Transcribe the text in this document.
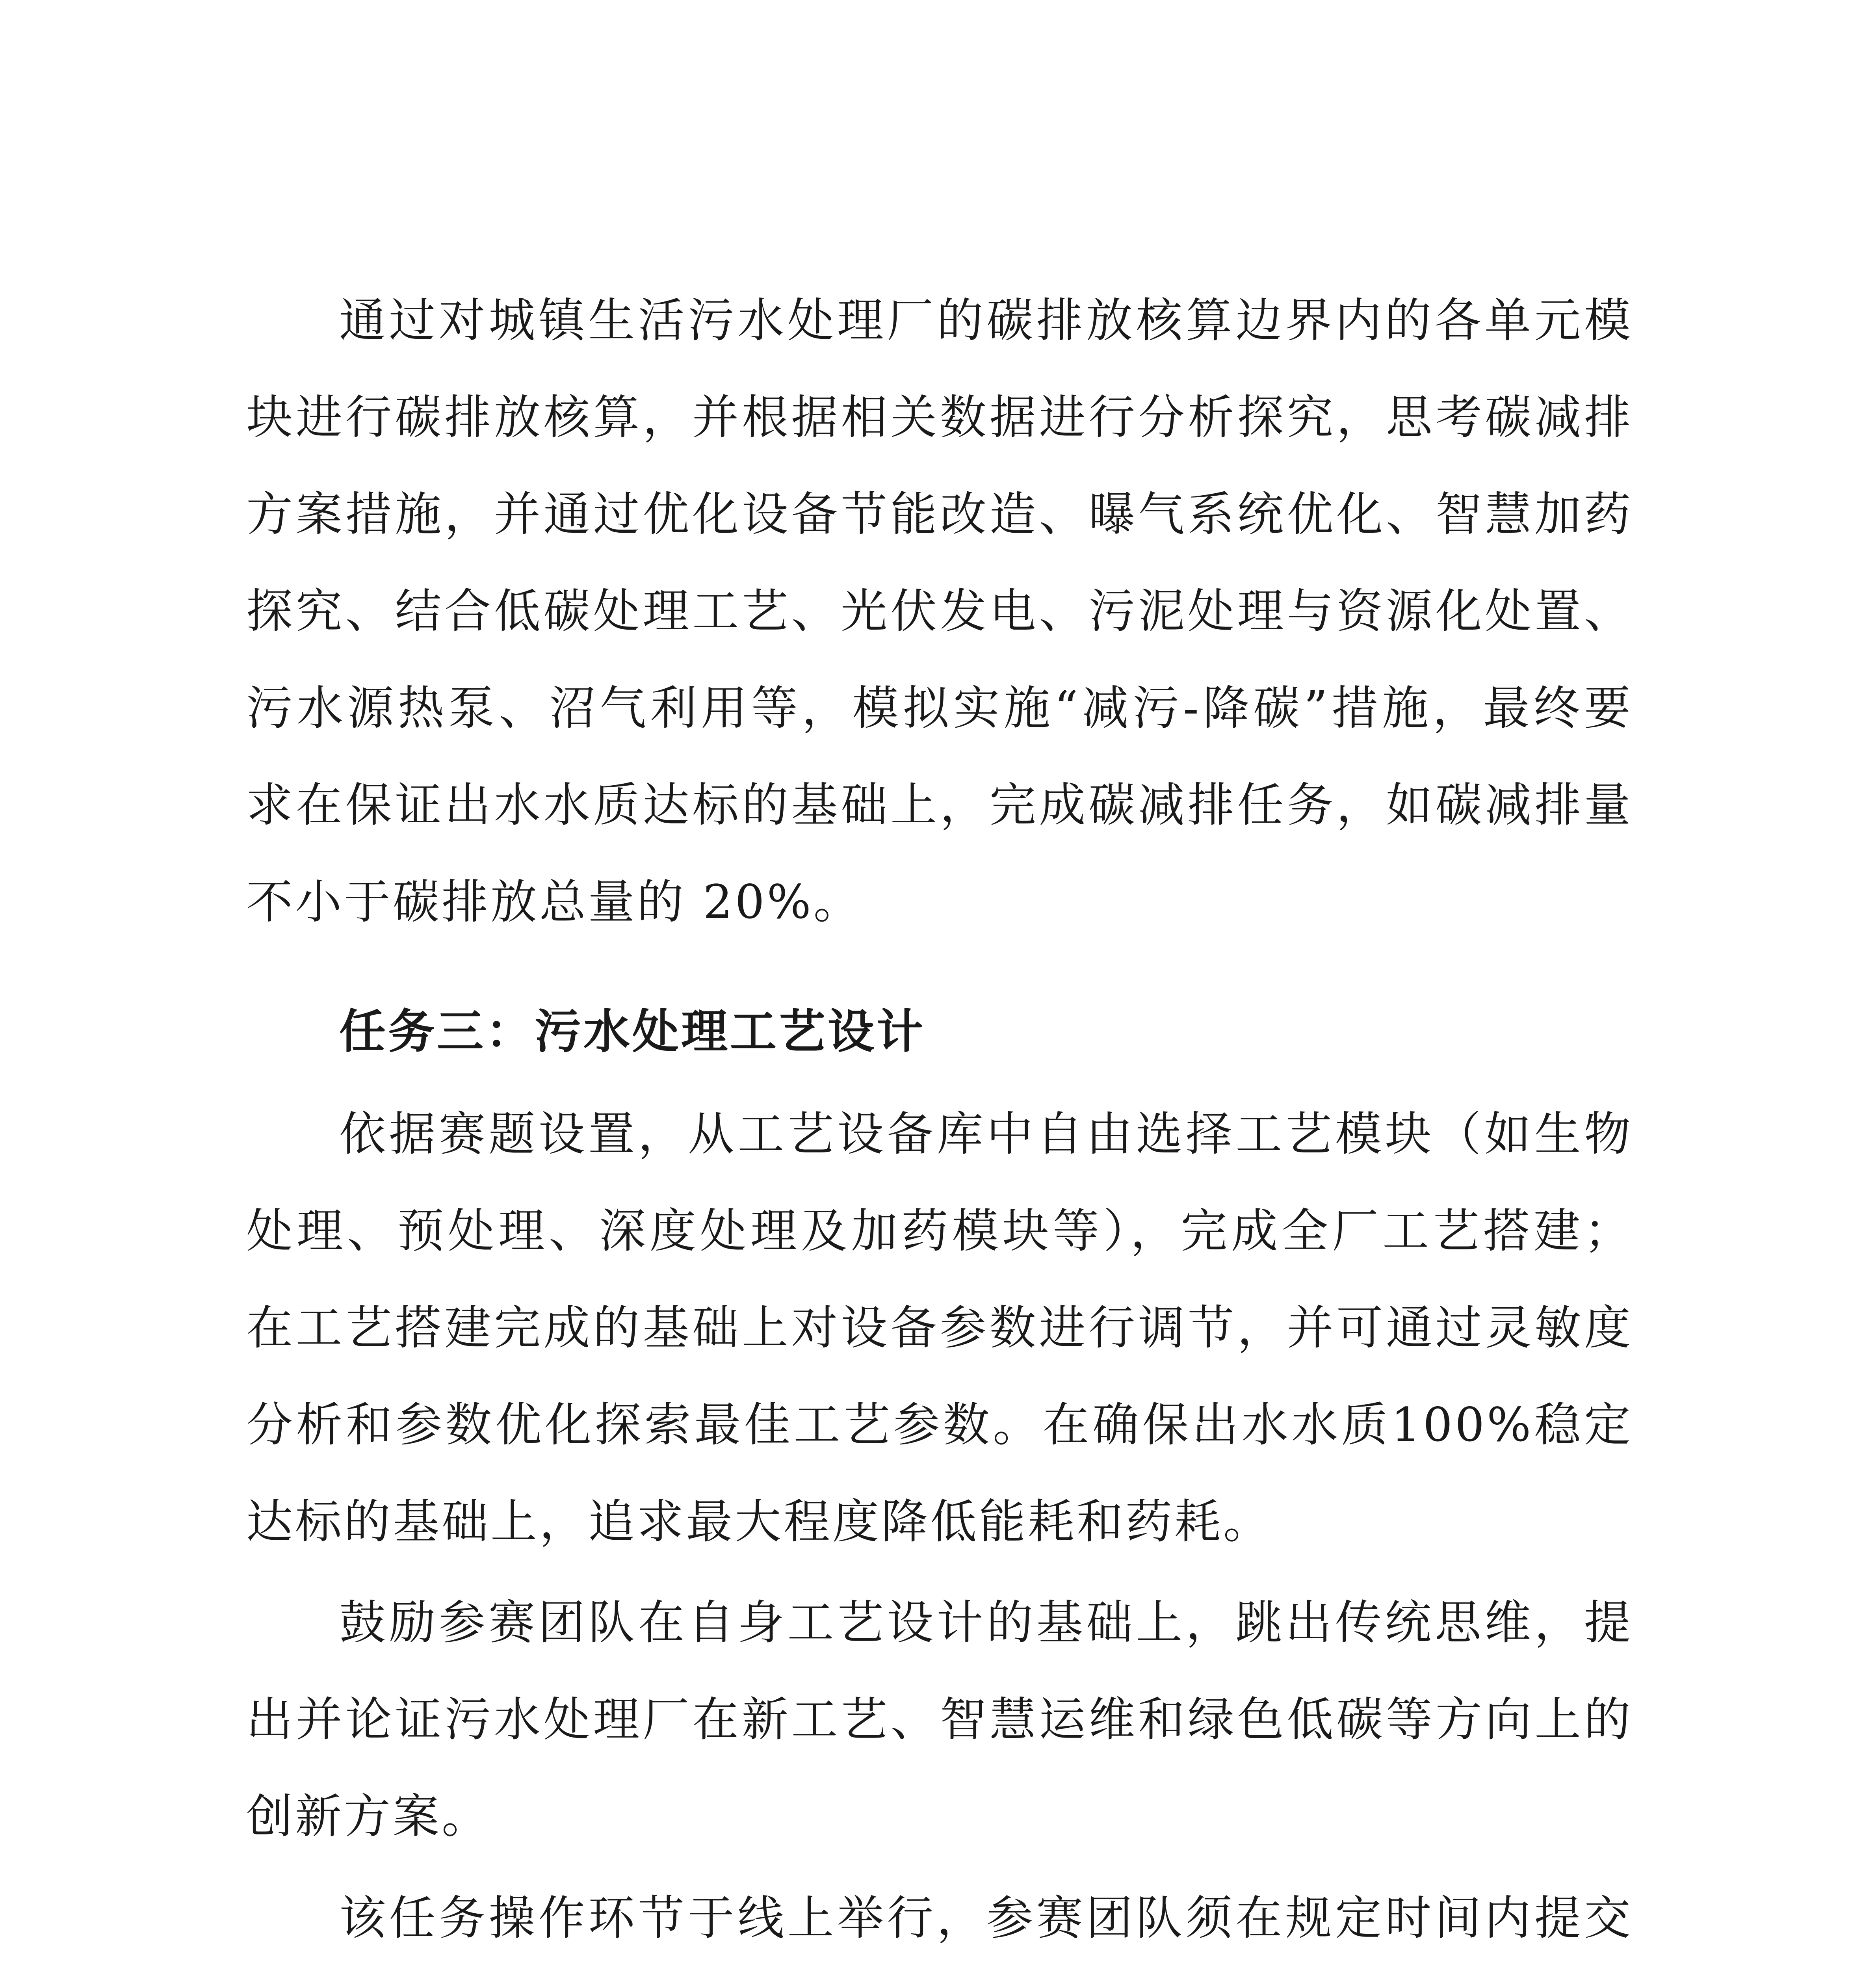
通过对城镇生活污水处理厂的碳排放核算边界内的各单元模块进行碳排放核算，并根据相关数据进行分析探究，思考碳减排方案措施，并通过优化设备节能改造、曝气系统优化、智慧加药探究、结合低碳处理工艺、光伏发电、污泥处理与资源化处置、污水源热泵、沼气利用等，模拟实施“减污-降碳”措施，最终要求在保证出水水质达标的基础上，完成碳减排任务，如碳减排量不小于碳排放总量的 20%。

任务三：污水处理工艺设计

依据赛题设置，从工艺设备库中自由选择工艺模块（如生物处理、预处理、深度处理及加药模块等），完成全厂工艺搭建；在工艺搭建完成的基础上对设备参数进行调节，并可通过灵敏度分析和参数优化探索最佳工艺参数。在确保出水水质100%稳定达标的基础上，追求最大程度降低能耗和药耗。

鼓励参赛团队在自身工艺设计的基础上，跳出传统思维，提出并论证污水处理厂在新工艺、智慧运维和绿色低碳等方向上的创新方案。

该任务操作环节于线上举行，参赛团队须在规定时间内提交
